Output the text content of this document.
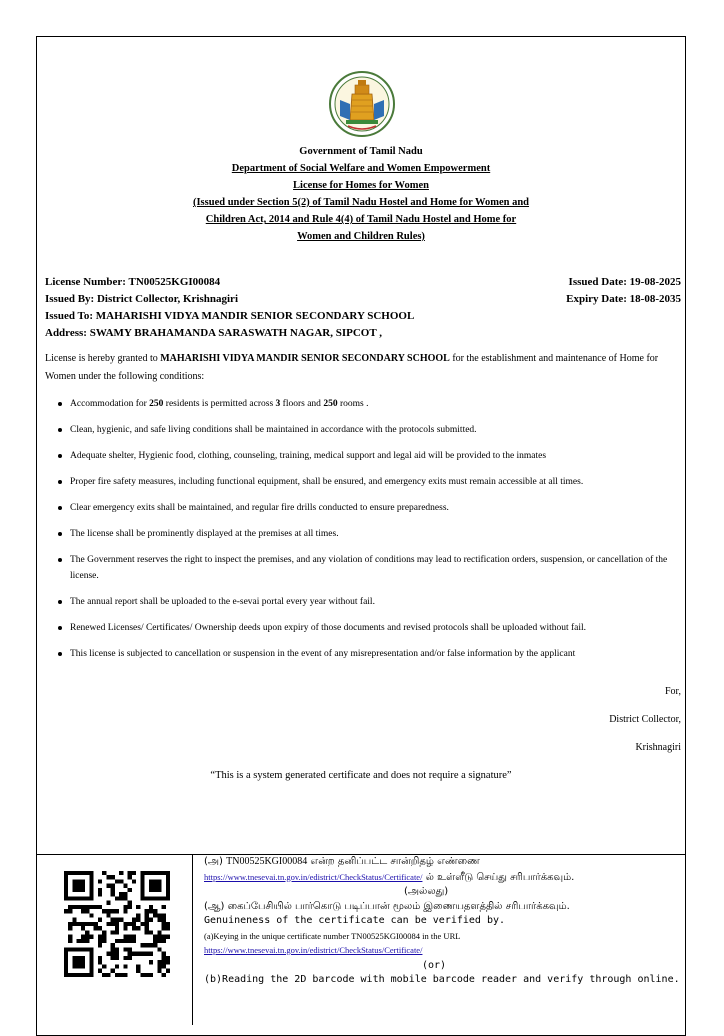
Government of Tamil Nadu
Department of Social Welfare and Women Empowerment
License for Homes for Women
(Issued under Section 5(2) of Tamil Nadu Hostel and Home for Women and
Children Act, 2014 and Rule 4(4) of Tamil Nadu Hostel and Home for
Women and Children Rules)
License Number: TN00525KGI00084	Issued Date: 19-08-2025
Issued By: District Collector, Krishnagiri	Expiry Date: 18-08-2035
Issued To: MAHARISHI VIDYA MANDIR SENIOR SECONDARY SCHOOL
Address: SWAMY BRAHAMANDA SARASWATH NAGAR, SIPCOT ,
License is hereby granted to MAHARISHI VIDYA MANDIR SENIOR SECONDARY SCHOOL for the establishment and maintenance of Home for Women under the following conditions:
Accommodation for 250 residents is permitted across 3 floors and 250 rooms .
Clean, hygienic, and safe living conditions shall be maintained in accordance with the protocols submitted.
Adequate shelter, Hygienic food, clothing, counseling, training, medical support and legal aid will be provided to the inmates
Proper fire safety measures, including functional equipment, shall be ensured, and emergency exits must remain accessible at all times.
Clear emergency exits shall be maintained, and regular fire drills conducted to ensure preparedness.
The license shall be prominently displayed at the premises at all times.
The Government reserves the right to inspect the premises, and any violation of conditions may lead to rectification orders, suspension, or cancellation of the license.
The annual report shall be uploaded to the e-sevai portal every year without fail.
Renewed Licenses/ Certificates/ Ownership deeds upon expiry of those documents and revised protocols shall be uploaded without fail.
This license is subjected to cancellation or suspension in the event of any misrepresentation and/or false information by the applicant
For,
District Collector,
Krishnagiri
“This is a system generated certificate and does not require a signature”
(அ) TN00525KGI00084 என்ற தனிப்பட்ட சான்றிதழ் எண்ணை
https://www.tnesevai.tn.gov.in/edistrict/CheckStatus/Certificate/ ல் உள்ளீடு செய்து சரிபார்க்கவும்.
(அல்லது)
(ஆ) கைப்பேசியில் பார்கொடு படிப்பான் மூலம் இணையதளத்தில் சரிபார்க்கவும்.
Genuineness of the certificate can be verified by.
(a)Keying in the unique certificate number TN00525KGI00084 in the URL
https://www.tnesevai.tn.gov.in/edistrict/CheckStatus/Certificate/
(or)
(b)Reading the 2D barcode with mobile barcode reader and verify through online.
